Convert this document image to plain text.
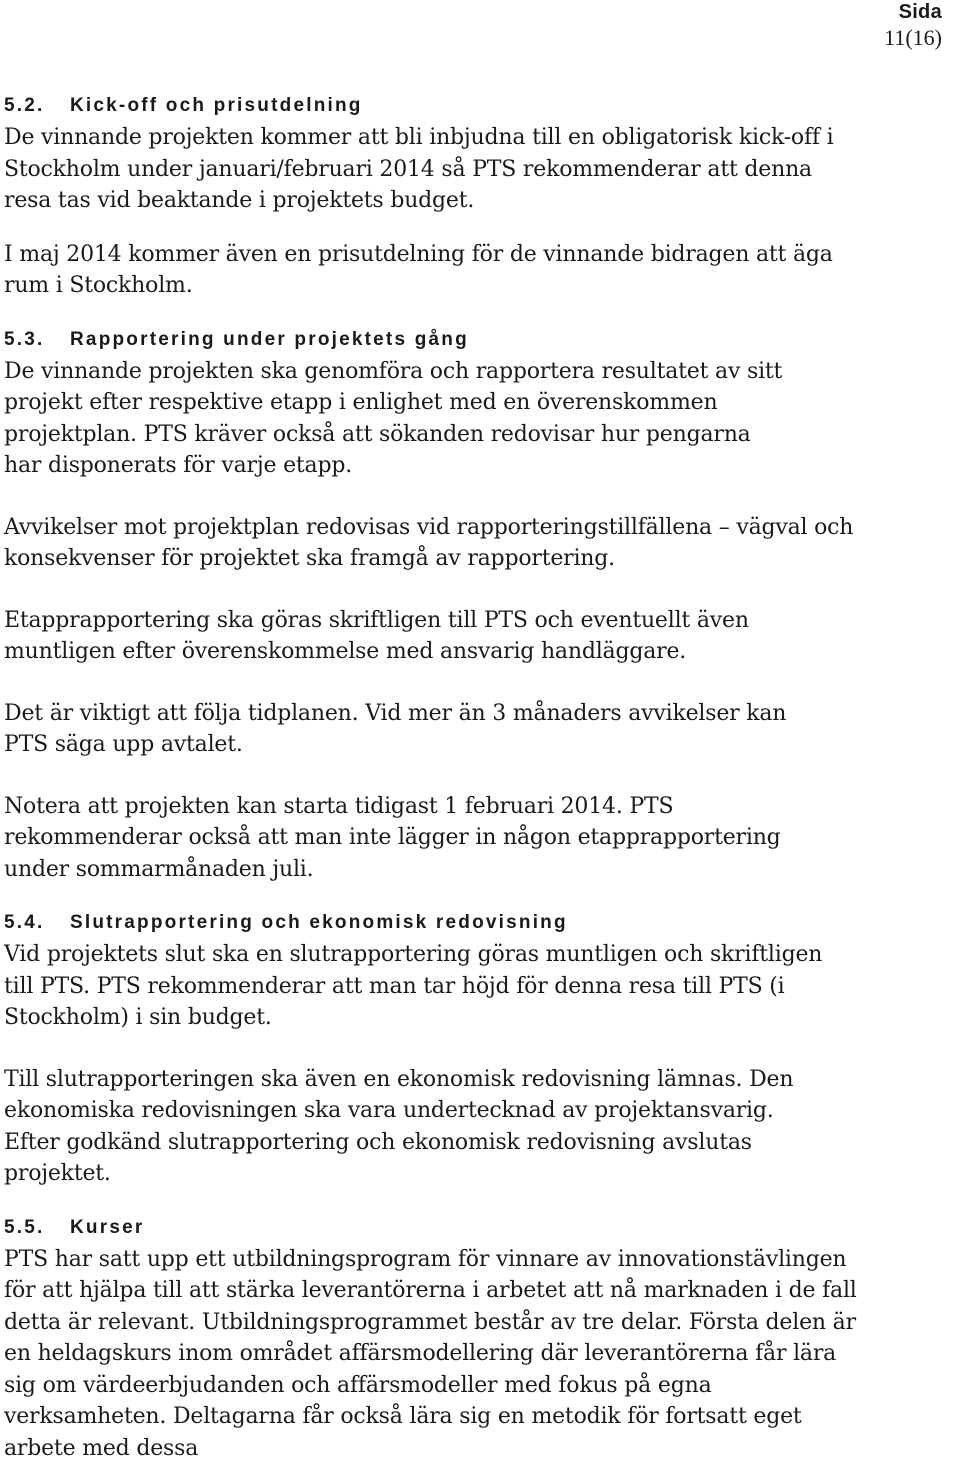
Sida
11(16)
5.2. Kick-off och prisutdelning

De vinnande projekten kommer att bli inbjudna till en obligatorisk kick-off i Stockholm under januari/februari 2014 så PTS rekommenderar att denna resa tas vid beaktande i projektets budget.

I maj 2014 kommer även en prisutdelning för de vinnande bidragen att äga rum i Stockholm.

5.3. Rapportering under projektets gång

De vinnande projekten ska genomföra och rapportera resultatet av sitt projekt efter respektive etapp i enlighet med en överenskommen projektplan. PTS kräver också att sökanden redovisar hur pengarna har disponerats för varje etapp.

Avvikelser mot projektplan redovisas vid rapporteringstillfällena – vägval och konsekvenser för projektet ska framgå av rapportering.

Etapprapportering ska göras skriftligen till PTS och eventuellt även muntligen efter överenskommelse med ansvarig handläggare.

Det är viktigt att följa tidplanen. Vid mer än 3 månaders avvikelser kan PTS säga upp avtalet.

Notera att projekten kan starta tidigast 1 februari 2014. PTS rekommenderar också att man inte lägger in någon etapprapportering under sommarmånaden juli.

5.4. Slutrapportering och ekonomisk redovisning

Vid projektets slut ska en slutrapportering göras muntligen och skriftligen till PTS. PTS rekommenderar att man tar höjd för denna resa till PTS (i Stockholm) i sin budget.

Till slutrapporteringen ska även en ekonomisk redovisning lämnas. Den ekonomiska redovisningen ska vara undertecknad av projektansvarig. Efter godkänd slutrapportering och ekonomisk redovisning avslutas projektet.

5.5. Kurser

PTS har satt upp ett utbildningsprogram för vinnare av innovationstävlingen för att hjälpa till att stärka leverantörerna i arbetet att nå marknaden i de fall detta är relevant. Utbildningsprogrammet består av tre delar. Första delen är en heldagskurs inom området affärsmodellering där leverantörerna får lära sig om värdeerbjudanden och affärsmodeller med fokus på egna verksamheten. Deltagarna får också lära sig en metodik för fortsatt eget arbete med dessa
